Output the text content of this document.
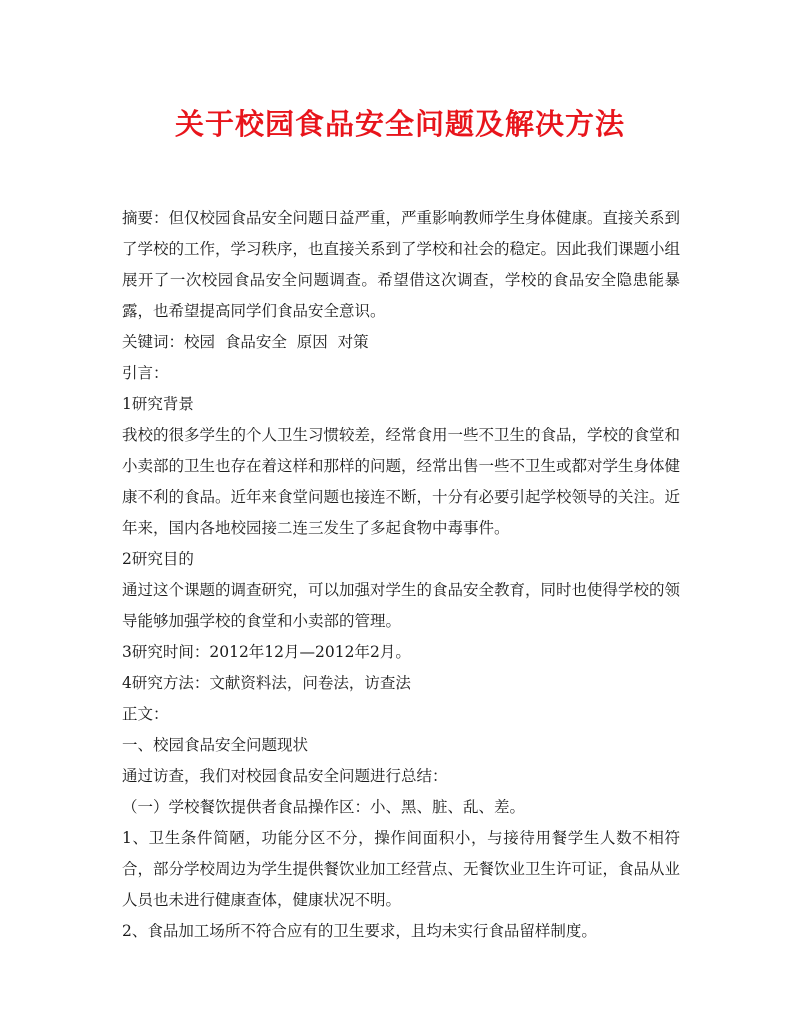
关于校园食品安全问题及解决方法

摘要：但仅校园食品安全问题日益严重，严重影响教师学生身体健康。直接关系到了学校的工作，学习秩序，也直接关系到了学校和社会的稳定。因此我们课题小组展开了一次校园食品安全问题调查。希望借这次调查，学校的食品安全隐患能暴露，也希望提高同学们食品安全意识。

关键词：校园  食品安全  原因  对策

引言：

1研究背景

我校的很多学生的个人卫生习惯较差，经常食用一些不卫生的食品，学校的食堂和小卖部的卫生也存在着这样和那样的问题，经常出售一些不卫生或都对学生身体健康不利的食品。近年来食堂问题也接连不断，十分有必要引起学校领导的关注。近年来，国内各地校园接二连三发生了多起食物中毒事件。

2研究目的

通过这个课题的调查研究，可以加强对学生的食品安全教育，同时也使得学校的领导能够加强学校的食堂和小卖部的管理。

3研究时间：2012年12月—2012年2月。

4研究方法：文献资料法，问卷法，访查法

正文：

一、校园食品安全问题现状

通过访查，我们对校园食品安全问题进行总结：

（一）学校餐饮提供者食品操作区：小、黑、脏、乱、差。

1、卫生条件简陋，功能分区不分，操作间面积小，与接待用餐学生人数不相符合，部分学校周边为学生提供餐饮业加工经营点、无餐饮业卫生许可证，食品从业人员也未进行健康查体，健康状况不明。

2、食品加工场所不符合应有的卫生要求，且均未实行食品留样制度。
